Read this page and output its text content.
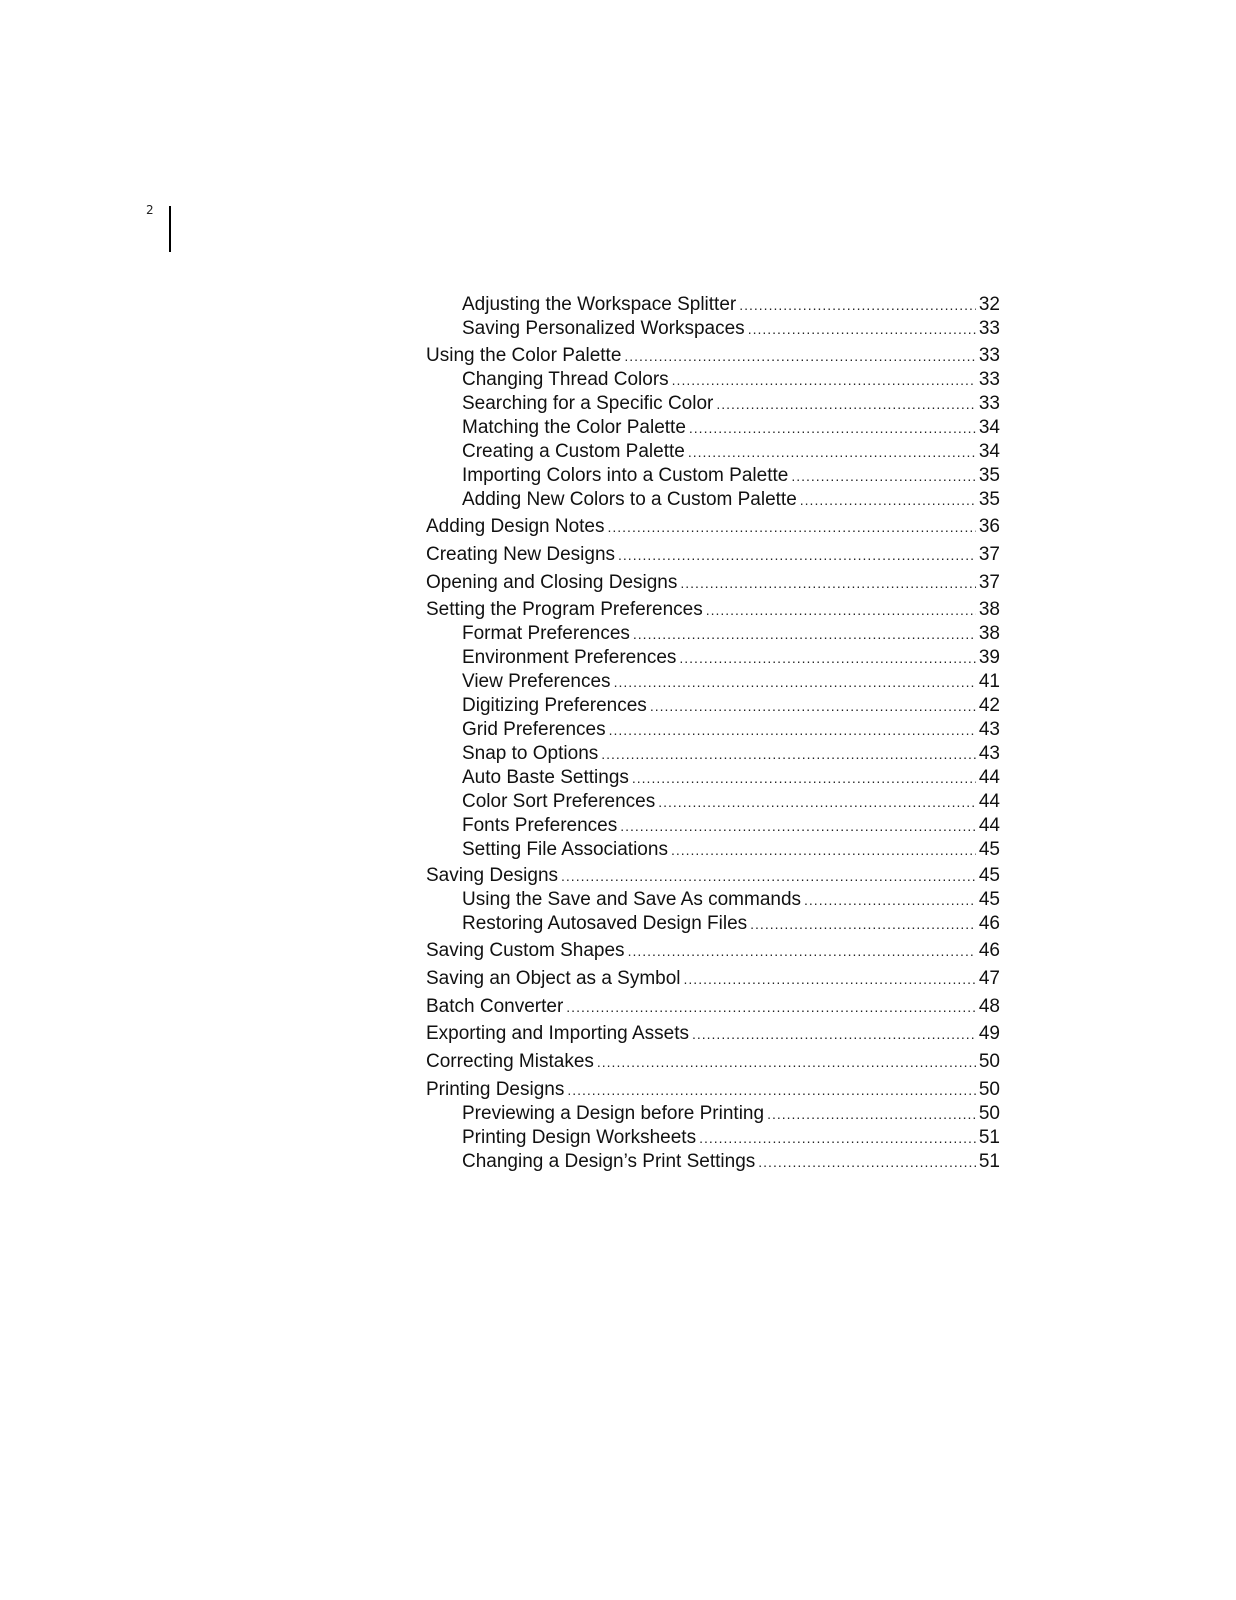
2
Adjusting the Workspace Splitter .....	32
Saving Personalized Workspaces .....	33
Using the Color Palette .....	33
Changing Thread Colors .....	33
Searching for a Specific Color .....	33
Matching the Color Palette .....	34
Creating a Custom Palette .....	34
Importing Colors into a Custom Palette .....	35
Adding New Colors to a Custom Palette .....	35
Adding Design Notes .....	36
Creating New Designs .....	37
Opening and Closing Designs .....	37
Setting the Program Preferences .....	38
Format Preferences .....	38
Environment Preferences .....	39
View Preferences .....	41
Digitizing Preferences .....	42
Grid Preferences .....	43
Snap to Options .....	43
Auto Baste Settings .....	44
Color Sort Preferences .....	44
Fonts Preferences .....	44
Setting File Associations .....	45
Saving Designs .....	45
Using the Save and Save As commands .....	45
Restoring Autosaved Design Files .....	46
Saving Custom Shapes .....	46
Saving an Object as a Symbol .....	47
Batch Converter .....	48
Exporting and Importing Assets .....	49
Correcting Mistakes .....	50
Printing Designs .....	50
Previewing a Design before Printing .....	50
Printing Design Worksheets .....	51
Changing a Design’s Print Settings .....	51
